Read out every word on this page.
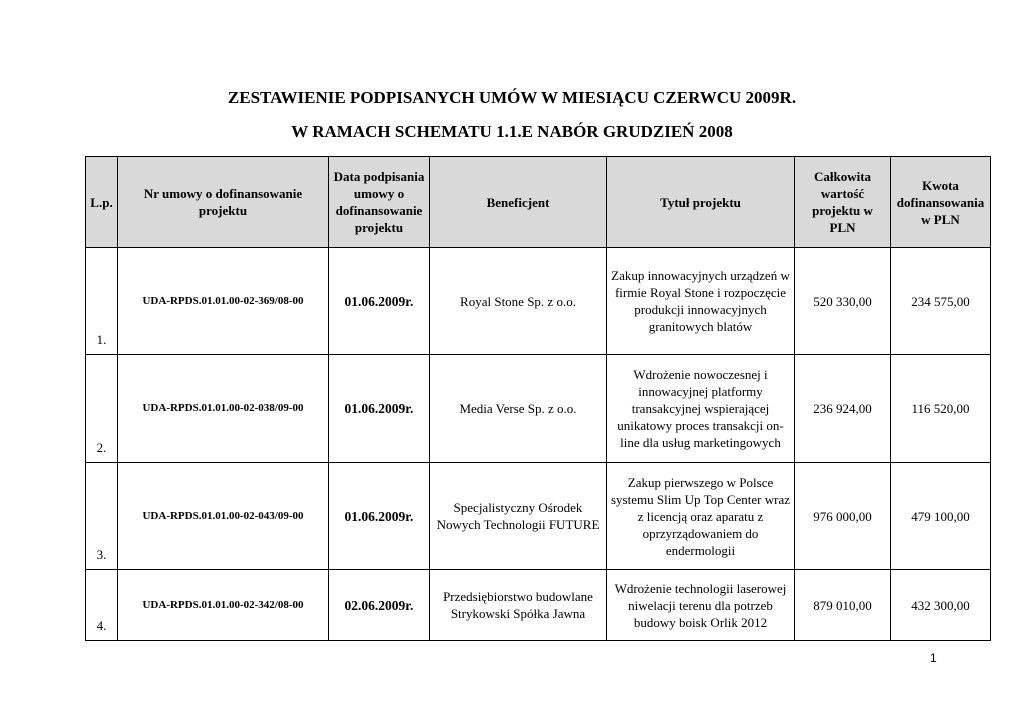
ZESTAWIENIE PODPISANYCH UMÓW W MIESIĄCU CZERWCU 2009R.
W RAMACH SCHEMATU 1.1.E NABÓR GRUDZIEŃ 2008
L.p.	Nr umowy o dofinansowanie projektu	Data podpisania umowy o dofinansowanie projektu	Beneficjent	Tytuł projektu	Całkowita wartość projektu w PLN	Kwota dofinansowania w PLN
1.	UDA-RPDS.01.01.00-02-369/08-00	01.06.2009r.	Royal Stone Sp. z o.o.	Zakup innowacyjnych urządzeń w firmie Royal Stone i rozpoczęcie produkcji innowacyjnych granitowych blatów	520 330,00	234 575,00
2.	UDA-RPDS.01.01.00-02-038/09-00	01.06.2009r.	Media Verse Sp. z o.o.	Wdrożenie nowoczesnej i innowacyjnej platformy transakcyjnej wspierającej unikatowy proces transakcji on-line dla usług marketingowych	236 924,00	116 520,00
3.	UDA-RPDS.01.01.00-02-043/09-00	01.06.2009r.	Specjalistyczny Ośrodek Nowych Technologii FUTURE	Zakup pierwszego w Polsce systemu Slim Up Top Center wraz z licencją oraz aparatu z oprzyrządowaniem do endermologii	976 000,00	479 100,00
4.	UDA-RPDS.01.01.00-02-342/08-00	02.06.2009r.	Przedsiębiorstwo budowlane Strykowski Spółka Jawna	Wdrożenie technologii laserowej niwelacji terenu dla potrzeb budowy boisk Orlik 2012	879 010,00	432 300,00
1
